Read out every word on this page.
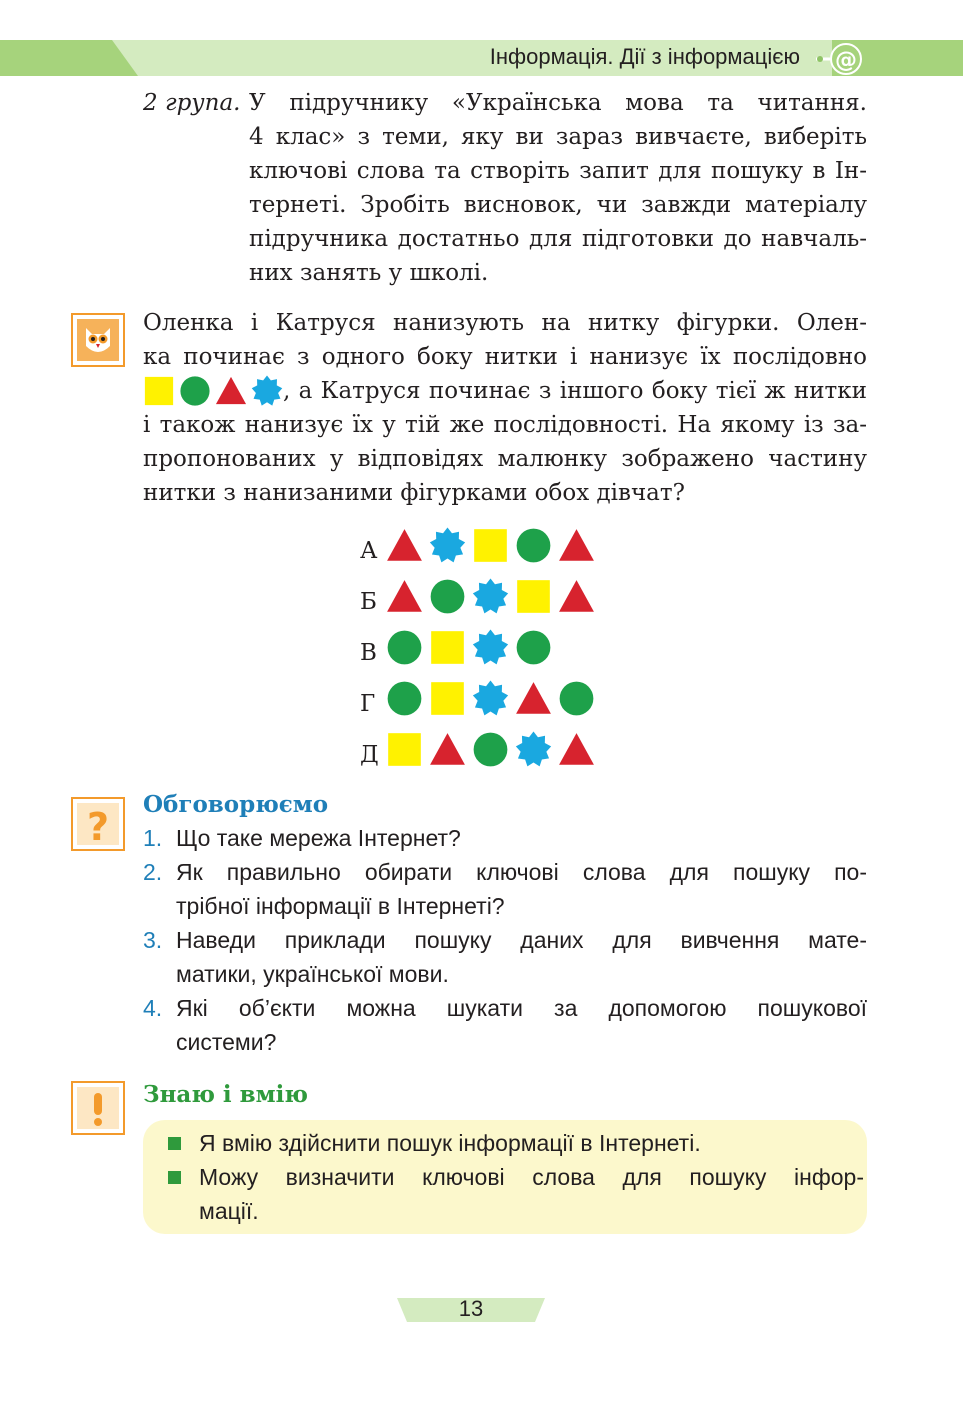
Інформація. Дії з інформацією @
2 група. У підручнику «Українська мова та читання.
4 клас» з теми, яку ви зараз вивчаєте, виберіть
ключові слова та створіть запит для пошуку в Ін-
тернеті. Зробіть висновок, чи завжди матеріалу
підручника достатньо для підготовки до навчаль-
них занять у школі.
Оленка і Катруся нанизують на нитку фігурки. Олен-
ка починає з одного боку нитки і нанизує їх послідовно
, а Катруся починає з іншого боку тієї ж нитки
і також нанизує їх у тій же послідовності. На якому із за-
пропонованих у відповідях малюнку зображено частину
нитки з нанизаними фігурками обох дівчат?
А
Б
В
Г
Д
?
Обговорюємо
1. Що таке мережа Інтернет?
2. Як правильно обирати ключові слова для пошуку по-
трібної інформації в Інтернеті?
3. Наведи приклади пошуку даних для вивчення мате-
матики, української мови.
4. Які об’єкти можна шукати за допомогою пошукової
системи?
Знаю і вмію
Я вмію здійснити пошук інформації в Інтернеті.
Можу визначити ключові слова для пошуку інфор-
мації.
13
